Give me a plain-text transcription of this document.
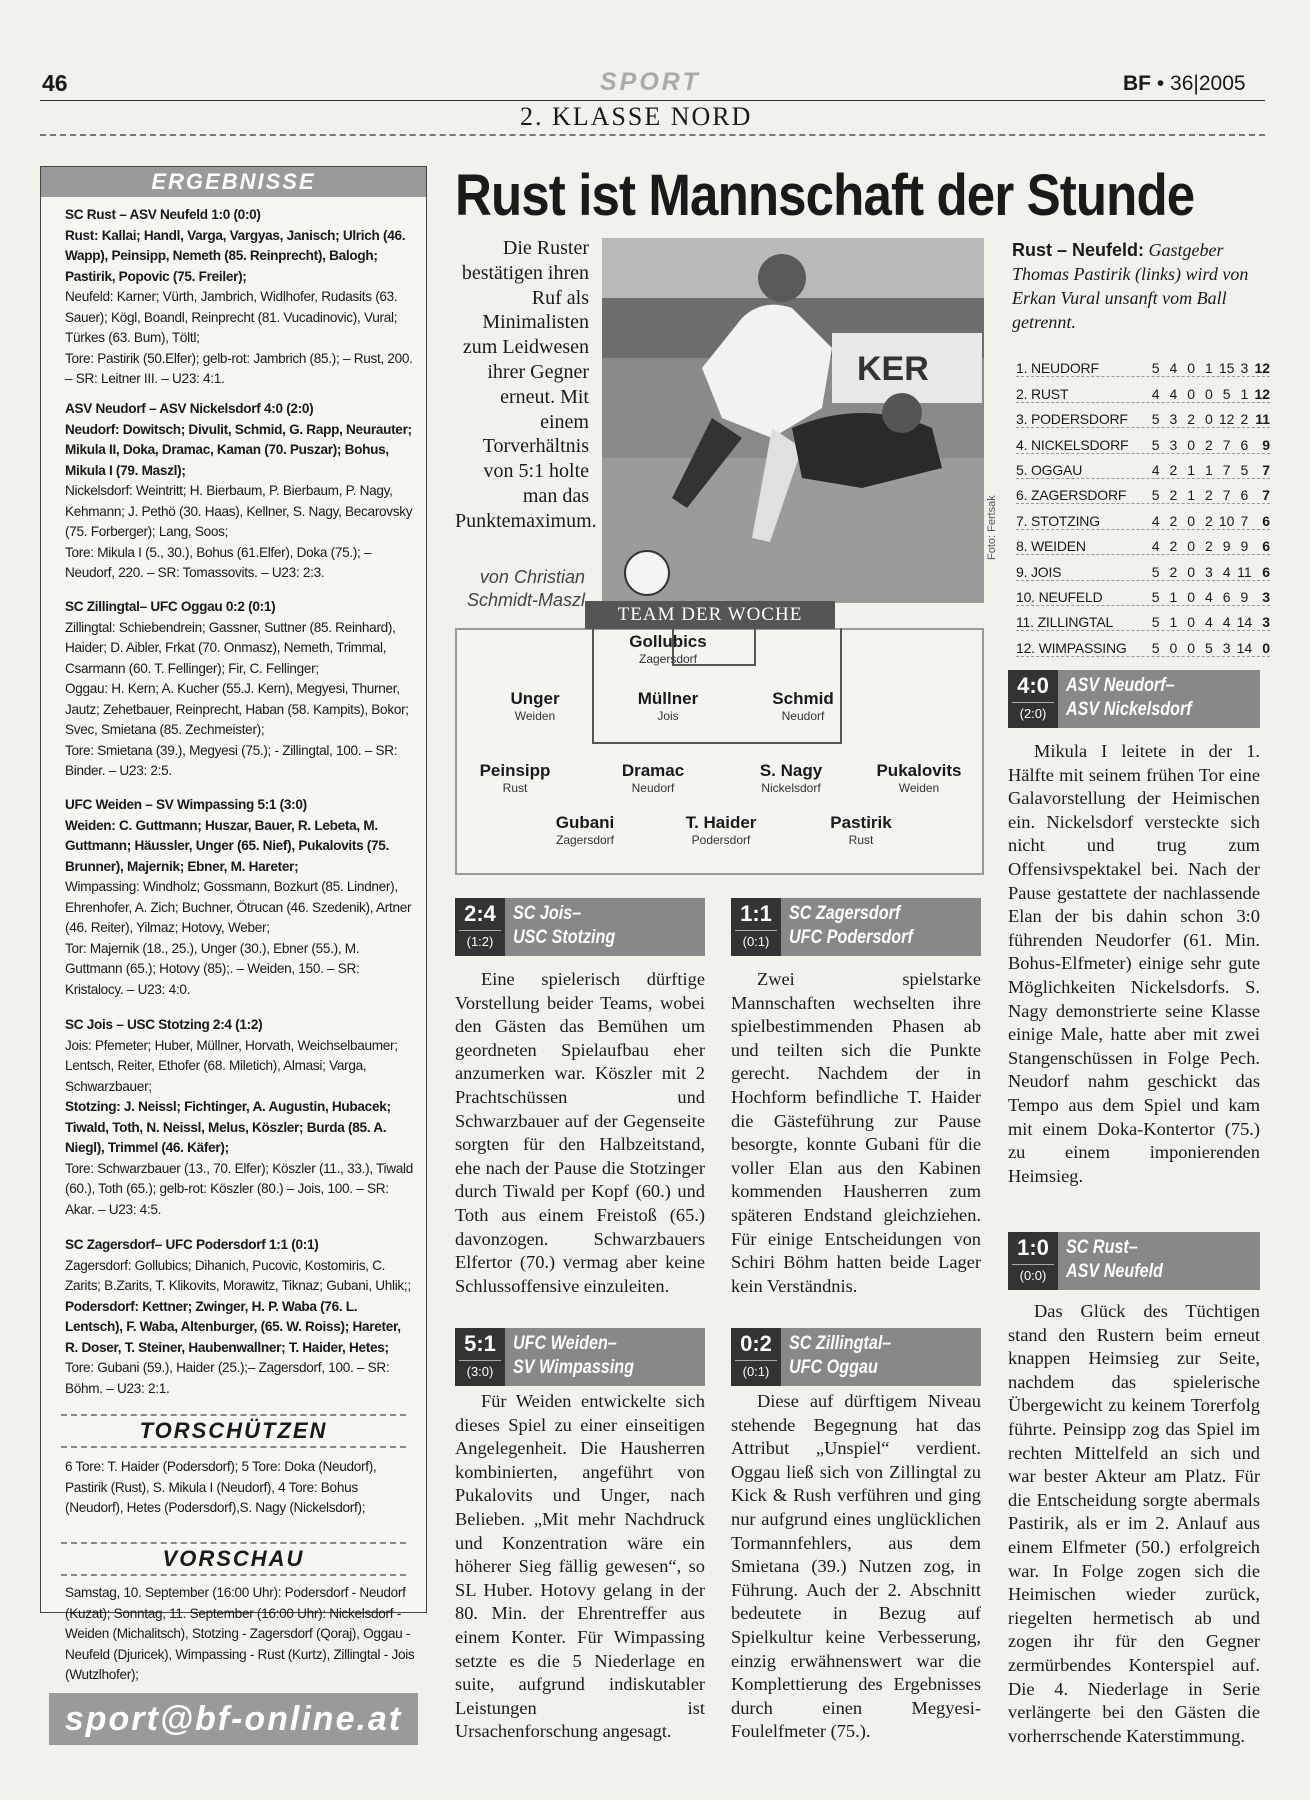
46	SPORT	BF • 36|2005
2. KLASSE NORD
ERGEBNISSE
SC Rust – ASV Neufeld 1:0 (0:0)
Rust: Kallai; Handl, Varga, Vargyas, Janisch; Ulrich (46. Wapp), Peinsipp, Nemeth (85. Reinprecht), Balogh; Pastirik, Popovic (75. Freiler);
Neufeld: Karner; Vürth, Jambrich, Widlhofer, Rudasits (63. Sauer); Kögl, Boandl, Reinprecht (81. Vucadinovic), Vural; Türkes (63. Bum), Töltl;
Tore: Pastirik (50.Elfer); gelb-rot: Jambrich (85.); – Rust, 200. – SR: Leitner III. – U23: 4:1.
ASV Neudorf – ASV Nickelsdorf 4:0 (2:0)
Neudorf: Dowitsch; Divulit, Schmid, G. Rapp, Neurauter; Mikula II, Doka, Dramac, Kaman (70. Puszar); Bohus, Mikula I (79. Maszl);
Nickelsdorf: Weintritt; H. Bierbaum, P. Bierbaum, P. Nagy, Kehmann; J. Pethö (30. Haas), Kellner, S. Nagy, Becarovsky (75. Forberger); Lang, Soos;
Tore: Mikula I (5., 30.), Bohus (61.Elfer), Doka (75.); – Neudorf, 220. – SR: Tomassovits. – U23: 2:3.
SC Zillingtal– UFC Oggau 0:2 (0:1)
Zillingtal: Schiebendrein; Gassner, Suttner (85. Reinhard), Haider; D. Aibler, Frkat (70. Onmasz), Nemeth, Trimmal, Csarmann (60. T. Fellinger); Fir, C. Fellinger;
Oggau: H. Kern; A. Kucher (55.J. Kern), Megyesi, Thurner, Jautz; Zehetbauer, Reinprecht, Haban (58. Kampits), Bokor; Svec, Smietana (85. Zechmeister);
Tore: Smietana (39.), Megyesi (75.); - Zillingtal, 100. – SR: Binder. – U23: 2:5.
UFC Weiden – SV Wimpassing 5:1 (3:0)
Weiden: C. Guttmann; Huszar, Bauer, R. Lebeta, M. Guttmann; Häussler, Unger (65. Nief), Pukalovits (75. Brunner), Majernik; Ebner, M. Hareter;
Wimpassing: Windholz; Gossmann, Bozkurt (85. Lindner), Ehrenhofer, A. Zich; Buchner, Ötrucan (46. Szedenik), Artner (46. Reiter), Yilmaz; Hotovy, Weber;
Tor: Majernik (18., 25.), Unger (30.), Ebner (55.), M. Guttmann (65.); Hotovy (85);. – Weiden, 150. – SR: Kristalocy. – U23: 4:0.
SC Jois – USC Stotzing 2:4 (1:2)
Jois: Pfemeter; Huber, Müllner, Horvath, Weichselbaumer; Lentsch, Reiter, Ethofer (68. Miletich), Almasi; Varga, Schwarzbauer;
Stotzing: J. Neissl; Fichtinger, A. Augustin, Hubacek; Tiwald, Toth, N. Neissl, Melus, Köszler; Burda (85. A. Niegl), Trimmel (46. Käfer);
Tore: Schwarzbauer (13., 70. Elfer); Köszler (11., 33.), Tiwald (60.), Toth (65.); gelb-rot: Köszler (80.) – Jois, 100. – SR: Akar. – U23: 4:5.
SC Zagersdorf– UFC Podersdorf 1:1 (0:1)
Zagersdorf: Gollubics; Dihanich, Pucovic, Kostomiris, C. Zarits; B.Zarits, T. Klikovits, Morawitz, Tiknaz; Gubani, Uhlik;;
Podersdorf: Kettner; Zwinger, H. P. Waba (76. L. Lentsch), F. Waba, Altenburger, (65. W. Roiss); Hareter, R. Doser, T. Steiner, Haubenwallner; T. Haider, Hetes;
Tore: Gubani (59.), Haider (25.);– Zagersdorf, 100. – SR: Böhm. – U23: 2:1.
TORSCHÜTZEN
6 Tore: T. Haider (Podersdorf); 5 Tore: Doka (Neudorf), Pastirik (Rust), S. Mikula I (Neudorf), 4 Tore: Bohus (Neudorf), Hetes (Podersdorf),S. Nagy (Nickelsdorf);
VORSCHAU
Samstag, 10. September (16:00 Uhr): Podersdorf - Neudorf (Kuzat); Sonntag, 11. September (16:00 Uhr): Nickelsdorf - Weiden (Michalitsch), Stotzing - Zagersdorf (Qoraj), Oggau - Neufeld (Djuricek), Wimpassing - Rust (Kurtz), Zillingtal - Jois (Wutzlhofer);
sport@bf-online.at
Rust ist Mannschaft der Stunde
Die Ruster bestätigen ihren Ruf als Minimalisten zum Leidwesen ihrer Gegner erneut. Mit einem Torverhältnis von 5:1 holte man das Punktemaximum.
von Christian Schmidt-Maszl
KER
Foto: Fertsak
Rust – Neufeld: Gastgeber Thomas Pastirik (links) wird von Erkan Vural unsanft vom Ball getrennt.
1. NEUDORF	5 4 0 1 15 3 12
2. RUST	4 4 0 0 5 1 12
3. PODERSDORF	5 3 2 0 12 2 11
4. NICKELSDORF	5 3 0 2 7 6	9
5. OGGAU	4 2 1 1 7 5	7
6. ZAGERSDORF	5 2 1 2 7 6	7
7. STOTZING	4 2 0 2 10 7	6
8. WEIDEN	4 2 0 2 9 9	6
9. JOIS	5 2 0 3 4 11 6
10. NEUFELD	5 1 0 4 6 9	3
11. ZILLINGTAL	5 1 0 4 4 14 3
12. WIMPASSING	5 0 0 5 3 14 0
TEAM DER WOCHE
Gollubics
Zagersdorf
Unger
Weiden
Müllner
Jois
Schmid
Neudorf
Peinsipp
Rust
Dramac
Neudorf
S. Nagy
Nickelsdorf
Pukalovits
Weiden
Gubani
Zagersdorf
T. Haider
Podersdorf
Pastirik
Rust
2:4
(1:2)
SC Jois–
USC Stotzing

Eine spielerisch dürftige Vorstellung beider Teams, wobei den Gästen das Bemühen um geordneten Spielaufbau eher anzumerken war. Köszler mit 2 Prachtschüssen und Schwarzbauer auf der Gegenseite sorgten für den Halbzeitstand, ehe nach der Pause die Stotzinger durch Tiwald per Kopf (60.) und Toth aus einem Freistoß (65.) davonzogen. Schwarzbauers Elfertor (70.) vermag aber keine Schlussoffensive einzuleiten.

1:1
(0:1)
SC Zagersdorf
UFC Podersdorf

Zwei spielstarke Mannschaften wechselten ihre spielbestimmenden Phasen ab und teilten sich die Punkte gerecht. Nachdem der in Hochform befindliche T. Haider die Gästeführung zur Pause besorgte, konnte Gubani für die voller Elan aus den Kabinen kommenden Hausherren zum späteren Endstand gleichziehen. Für einige Entscheidungen von Schiri Böhm hatten beide Lager kein Verständnis.

4:0
(2:0)
ASV Neudorf–
ASV Nickelsdorf

Mikula I leitete in der 1. Hälfte mit seinem frühen Tor eine Galavorstellung der Heimischen ein. Nickelsdorf versteckte sich nicht und trug zum Offensivspektakel bei. Nach der Pause gestattete der nachlassende Elan der bis dahin schon 3:0 führenden Neudorfer (61. Min. Bohus-Elfmeter) einige sehr gute Möglichkeiten Nickelsdorfs. S. Nagy demonstrierte seine Klasse einige Male, hatte aber mit zwei Stangenschüssen in Folge Pech. Neudorf nahm geschickt das Tempo aus dem Spiel und kam mit einem Doka-Kontertor (75.) zu einem imponierenden Heimsieg.

5:1
(3:0)
UFC Weiden–
SV Wimpassing

Für Weiden entwickelte sich dieses Spiel zu einer einseitigen Angelegenheit. Die Hausherren kombinierten, angeführt von Pukalovits und Unger, nach Belieben. „Mit mehr Nachdruck und Konzentration wäre ein höherer Sieg fällig gewesen“, so SL Huber. Hotovy gelang in der 80. Min. der Ehrentreffer aus einem Konter. Für Wimpassing setzte es die 5 Niederlage en suite, aufgrund indiskutabler Leistungen ist Ursachenforschung angesagt.

0:2
(0:1)
SC Zillingtal–
UFC Oggau

Diese auf dürftigem Niveau stehende Begegnung hat das Attribut „Unspiel“ verdient. Oggau ließ sich von Zillingtal zu Kick & Rush verführen und ging nur aufgrund eines unglücklichen Tormannfehlers, aus dem Smietana (39.) Nutzen zog, in Führung. Auch der 2. Abschnitt bedeutete in Bezug auf Spielkultur keine Verbesserung, einzig erwähnenswert war die Komplettierung des Ergebnisses durch einen Megyesi-Foulelfmeter (75.).

1:0
(0:0)
SC Rust–
ASV Neufeld

Das Glück des Tüchtigen stand den Rustern beim erneut knappen Heimsieg zur Seite, nachdem das spielerische Übergewicht zu keinem Torerfolg führte. Peinsipp zog das Spiel im rechten Mittelfeld an sich und war bester Akteur am Platz. Für die Entscheidung sorgte abermals Pastirik, als er im 2. Anlauf aus einem Elfmeter (50.) erfolgreich war. In Folge zogen sich die Heimischen wieder zurück, riegelten hermetisch ab und zogen ihr für den Gegner zermürbendes Konterspiel auf. Die 4. Niederlage in Serie verlängerte bei den Gästen die vorherrschende Katerstimmung.
